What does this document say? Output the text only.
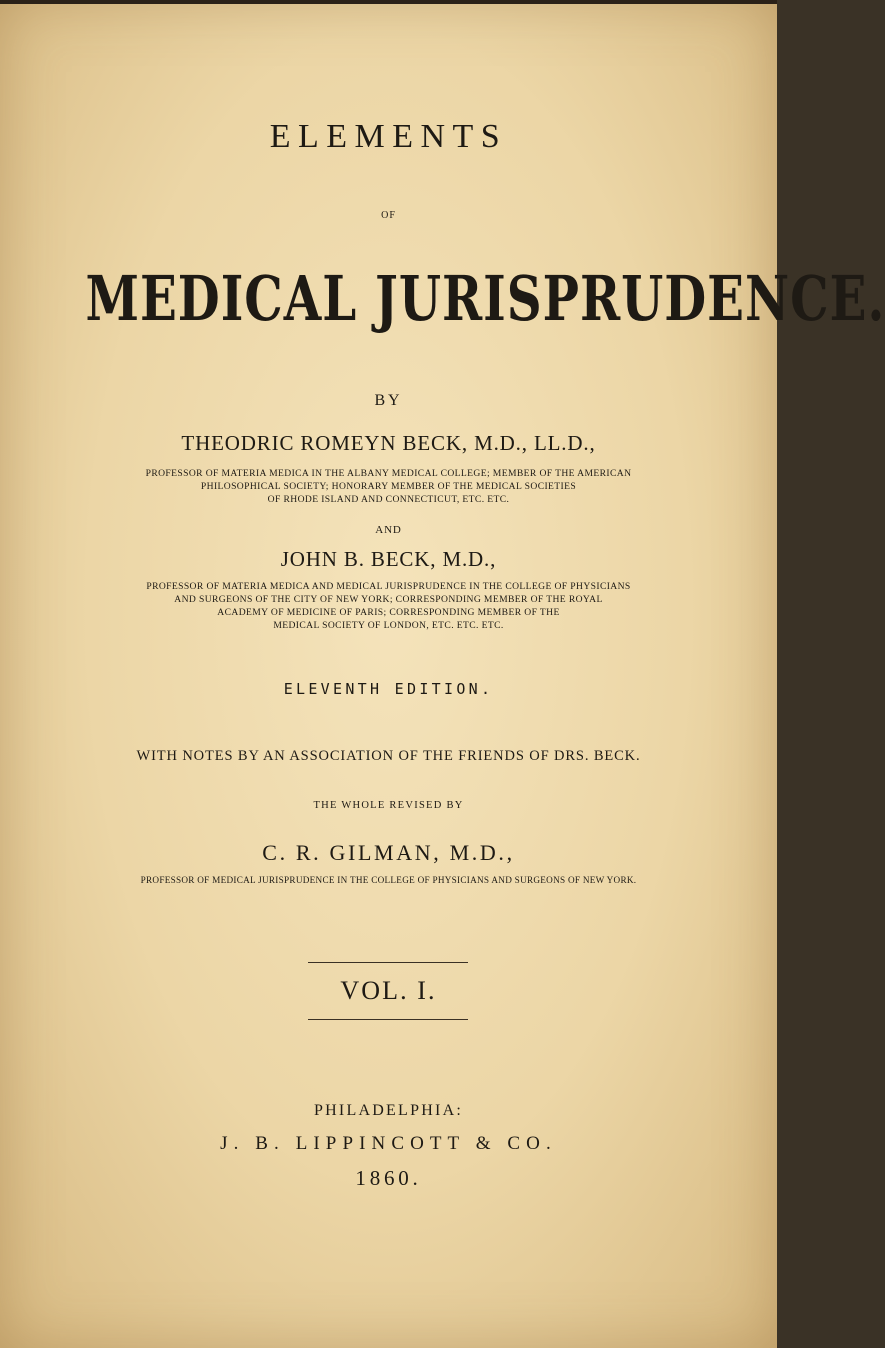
ELEMENTS
OF
MEDICAL JURISPRUDENCE.
BY
THEODRIC ROMEYN BECK, M.D., LL.D.,
PROFESSOR OF MATERIA MEDICA IN THE ALBANY MEDICAL COLLEGE; MEMBER OF THE AMERICAN
PHILOSOPHICAL SOCIETY; HONORARY MEMBER OF THE MEDICAL SOCIETIES
OF RHODE ISLAND AND CONNECTICUT, ETC. ETC.
AND
JOHN B. BECK, M.D.,
PROFESSOR OF MATERIA MEDICA AND MEDICAL JURISPRUDENCE IN THE COLLEGE OF PHYSICIANS
AND SURGEONS OF THE CITY OF NEW YORK; CORRESPONDING MEMBER OF THE ROYAL
ACADEMY OF MEDICINE OF PARIS; CORRESPONDING MEMBER OF THE
MEDICAL SOCIETY OF LONDON, ETC. ETC. ETC.
ELEVENTH EDITION.
WITH NOTES BY AN ASSOCIATION OF THE FRIENDS OF DRS. BECK.
THE WHOLE REVISED BY
C. R. GILMAN, M.D.,
PROFESSOR OF MEDICAL JURISPRUDENCE IN THE COLLEGE OF PHYSICIANS AND SURGEONS OF NEW YORK.
VOL. I.
PHILADELPHIA:
J. B. LIPPINCOTT & CO.
1860.
